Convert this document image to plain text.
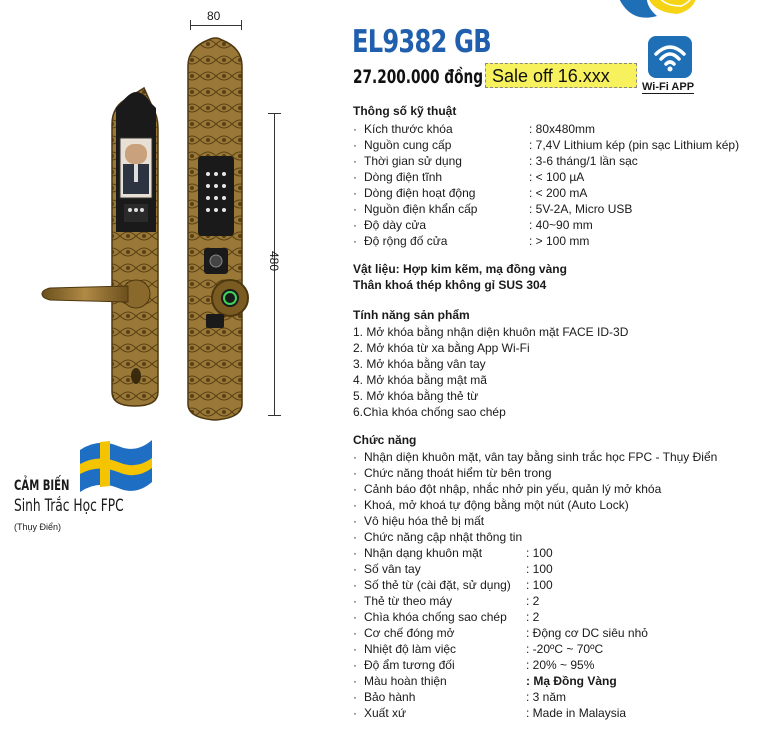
80
480
EL9382 GB
27.200.000 đồng Sale off 16.xxx
Wi-Fi APP
Thông số kỹ thuật
· Kích thước khóa	: 80x480mm
· Nguồn cung cấp	: 7,4V Lithium kép (pin sạc Lithium kép)
· Thời gian sử dụng	: 3-6 tháng/1 lần sạc
· Dòng điện tĩnh	: < 100 µA
· Dòng điện hoạt động	: < 200 mA
· Nguồn điện khẩn cấp	: 5V-2A, Micro USB
· Độ dày cửa	: 40~90 mm
· Độ rộng đố cửa	: > 100 mm
Vật liệu: Hợp kim kẽm, mạ đồng vàng
Thân khoá thép không gỉ SUS 304
Tính năng sản phẩm
1. Mở khóa bằng nhận diện khuôn mặt FACE ID-3D
2. Mở khóa từ xa bằng App Wi-Fi
3. Mở khóa bằng vân tay
4. Mở khóa bằng mật mã
5. Mở khóa bằng thẻ từ
6.Chìa khóa chống sao chép
Chức năng
· Nhận diện khuôn mặt, vân tay bằng sinh trắc học FPC - Thụy Điển
· Chức năng thoát hiểm từ bên trong
· Cảnh báo đột nhập, nhắc nhở pin yếu, quản lý mở khóa
· Khoá, mở khoá tự động bằng một nút (Auto Lock)
· Vô hiệu hóa thẻ bị mất
· Chức năng cập nhật thông tin
· Nhận dạng khuôn mặt	: 100
· Số vân tay	: 100
· Số thẻ từ (cài đặt, sử dụng) : 100
· Thẻ từ theo máy	: 2
· Chìa khóa chống sao chép : 2
· Cơ chế đóng mở	: Động cơ DC siêu nhỏ
· Nhiệt độ làm việc	: -20ºC ~ 70ºC
· Độ ẩm tương đối	: 20% ~ 95%
· Màu hoàn thiện	: Mạ Đồng Vàng
· Bảo hành	: 3 năm
· Xuất xứ	: Made in Malaysia
CẢM BIẾN
Sinh Trắc Học FPC
(Thụy Điển)
